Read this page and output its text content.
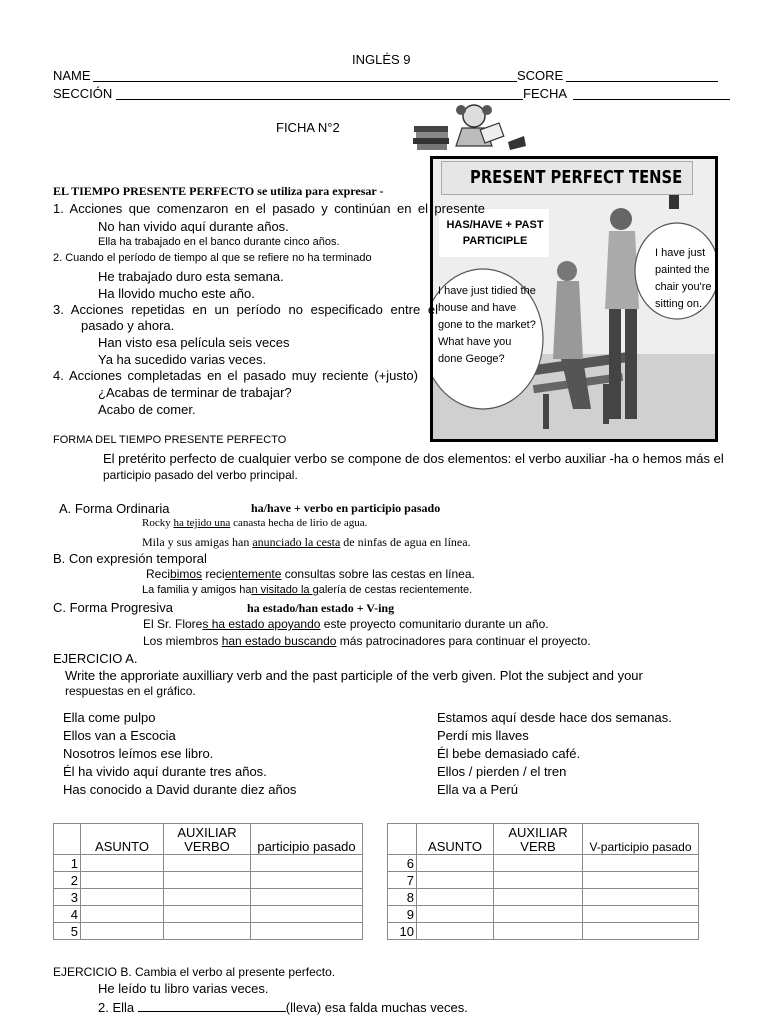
INGLÉS 9
NAME	SCORE
SECCIÓN	FECHA
FICHA N°2
PRESENT PERFECT TENSE
HAS/HAVE + PAST PARTICIPLE
I have just painted the chair you're sitting on.
I have just tidied the house and have gone to the market? What have you done Geoge?
EL TIEMPO PRESENTE PERFECTO se utiliza para expresar -
1. Acciones que comenzaron en el pasado y continúan en el presente
No han vivido aquí durante años.
Ella ha trabajado en el banco durante cinco años.
2. Cuando el período de tiempo al que se refiere no ha terminado
He trabajado duro esta semana.
Ha llovido mucho este año.
3. Acciones repetidas en un período no especificado entre el
pasado y ahora.
Han visto esa película seis veces
Ya ha sucedido varias veces.
4. Acciones completadas en el pasado muy reciente (+justo)
¿Acabas de terminar de trabajar?
Acabo de comer.
FORMA DEL TIEMPO PRESENTE PERFECTO
El pretérito perfecto de cualquier verbo se compone de dos elementos: el verbo auxiliar -ha o hemos más el
participio pasado del verbo principal.
A. Forma Ordinaria	ha/have + verbo en participio pasado
Rocky ha tejido una canasta hecha de lirio de agua.
Mila y sus amigas han anunciado la cesta de ninfas de agua en línea.
B. Con expresión temporal
Recibimos recientemente consultas sobre las cestas en línea.
La familia y amigos han visitado la galería de cestas recientemente.
C. Forma Progresiva	ha estado/han estado + V-ing
El Sr. Flores ha estado apoyando este proyecto comunitario durante un año.
Los miembros han estado buscando más patrocinadores para continuar el proyecto.
EJERCICIO A.
Write the approriate auxilliary verb and the past participle of the verb given. Plot the subject and your
respuestas en el gráfico.
Ella come pulpo
Ellos van a Escocia
Nosotros leímos ese libro.
Él ha vivido aquí durante tres años.
Has conocido a David durante diez años
Estamos aquí desde hace dos semanas.
Perdí mis llaves
Él bebe demasiado café.
Ellos / pierden / el tren
Ella va a Perú
	ASUNTO	AUXILIAR
VERBO	participio pasado
1			
2			
3			
4			
5			
	ASUNTO	AUXILIAR
VERB	V-participio pasado
6			
7			
8			
9			
10			
EJERCICIO B. Cambia el verbo al presente perfecto.
He leído tu libro varias veces.
2. Ella	(lleva) esa falda muchas veces.
